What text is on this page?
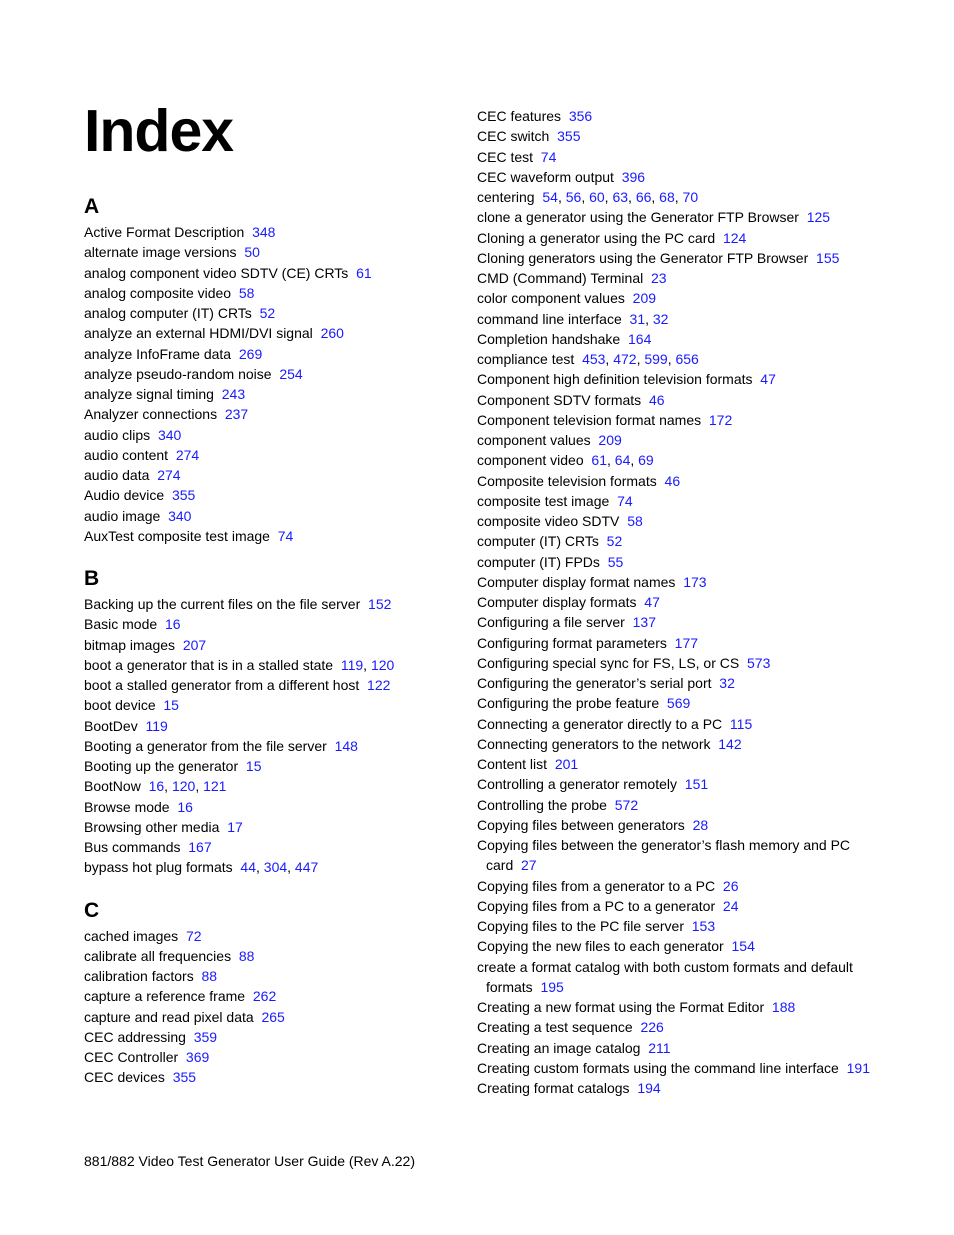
Index
A
Active Format Description 348
alternate image versions 50
analog component video SDTV (CE) CRTs 61
analog composite video 58
analog computer (IT) CRTs 52
analyze an external HDMI/DVI signal 260
analyze InfoFrame data 269
analyze pseudo-random noise 254
analyze signal timing 243
Analyzer connections 237
audio clips 340
audio content 274
audio data 274
Audio device 355
audio image 340
AuxTest composite test image 74
B
Backing up the current files on the file server 152
Basic mode 16
bitmap images 207
boot a generator that is in a stalled state 119, 120
boot a stalled generator from a different host 122
boot device 15
BootDev 119
Booting a generator from the file server 148
Booting up the generator 15
BootNow 16, 120, 121
Browse mode 16
Browsing other media 17
Bus commands 167
bypass hot plug formats 44, 304, 447
C
cached images 72
calibrate all frequencies 88
calibration factors 88
capture a reference frame 262
capture and read pixel data 265
CEC addressing 359
CEC Controller 369
CEC devices 355
CEC features 356
CEC switch 355
CEC test 74
CEC waveform output 396
centering 54, 56, 60, 63, 66, 68, 70
clone a generator using the Generator FTP Browser 125
Cloning a generator using the PC card 124
Cloning generators using the Generator FTP Browser 155
CMD (Command) Terminal 23
color component values 209
command line interface 31, 32
Completion handshake 164
compliance test 453, 472, 599, 656
Component high definition television formats 47
Component SDTV formats 46
Component television format names 172
component values 209
component video 61, 64, 69
Composite television formats 46
composite test image 74
composite video SDTV 58
computer (IT) CRTs 52
computer (IT) FPDs 55
Computer display format names 173
Computer display formats 47
Configuring a file server 137
Configuring format parameters 177
Configuring special sync for FS, LS, or CS 573
Configuring the generator’s serial port 32
Configuring the probe feature 569
Connecting a generator directly to a PC 115
Connecting generators to the network 142
Content list 201
Controlling a generator remotely 151
Controlling the probe 572
Copying files between generators 28
Copying files between the generator’s flash memory and PC card 27
Copying files from a generator to a PC 26
Copying files from a PC to a generator 24
Copying files to the PC file server 153
Copying the new files to each generator 154
create a format catalog with both custom formats and default formats 195
Creating a new format using the Format Editor 188
Creating a test sequence 226
Creating an image catalog 211
Creating custom formats using the command line interface 191
Creating format catalogs 194
881/882 Video Test Generator User Guide (Rev A.22)
